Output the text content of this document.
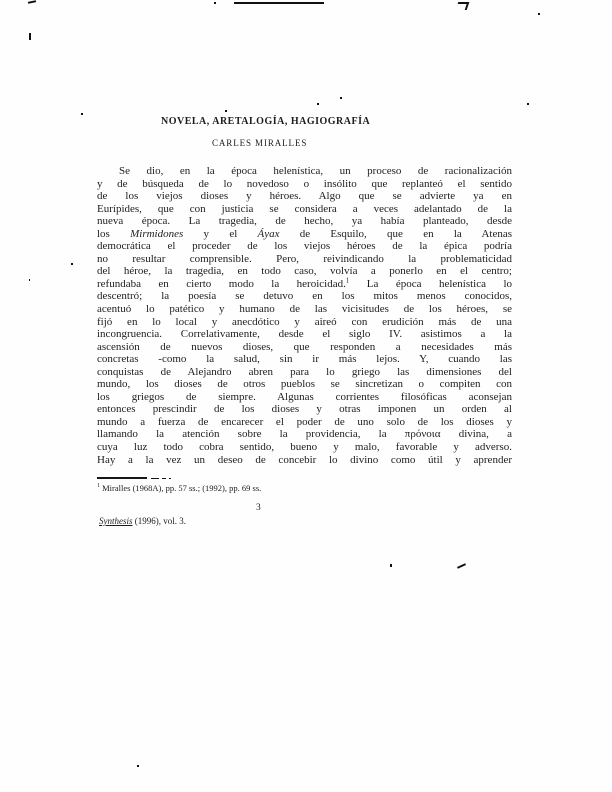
NOVELA, ARETALOGÍA, HAGIOGRAFÍA
CARLES MIRALLES
Se dio, en la época helenística, un proceso de racionalización
y de búsqueda de lo novedoso o insólito que replanteó el sentido
de los viejos dioses y héroes. Algo que se advierte ya en
Eurípides, que con justicia se considera a veces adelantado de la
nueva época. La tragedia, de hecho, ya había planteado, desde
los Mirmidones y el Áyax de Esquilo, que en la Atenas
democrática el proceder de los viejos héroes de la épica podría
no resultar comprensible. Pero, reivindicando la problematicidad
del héroe, la tragedia, en todo caso, volvía a ponerlo en el centro;
refundaba en cierto modo la heroicidad.$^1$ La época helenística lo
descentró; la poesía se detuvo en los mitos menos conocidos,
acentuó lo patético y humano de las vicisitudes de los héroes, se
fijó en lo local y anecdótico y aireó con erudición más de una
incongruencia. Correlativamente, desde el siglo IV. asistimos a la
ascensión de nuevos dioses, que responden a necesidades más
concretas -como la salud, sin ir más lejos. Y, cuando las
conquistas de Alejandro abren para lo griego las dimensiones del
mundo, los dioses de otros pueblos se sincretizan o compiten con
los griegos de siempre. Algunas corrientes filosóficas aconsejan
entonces prescindir de los dioses y otras imponen un orden al
mundo a fuerza de encarecer el poder de uno solo de los dioses y
llamando la atención sobre la providencia, la πρόνοια divina, a
cuya luz todo cobra sentido, bueno y malo, favorable y adverso.
Hay a la vez un deseo de concebir lo divino como útil y aprender
$^1$ Miralles (1968A), pp. 57 ss.; (1992), pp. 69 ss.
3
Synthesis (1996), vol. 3.
